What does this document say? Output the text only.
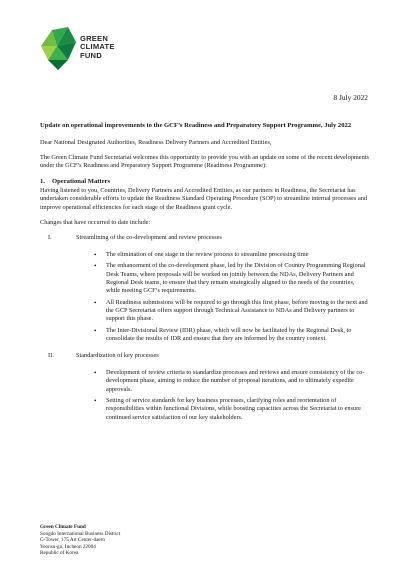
GREEN
CLIMATE
FUND
8 July 2022
Update on operational improvements to the GCF’s Readiness and Preparatory Support Programme, July 2022

Dear National Designated Authorities, Readiness Delivery Partners and Accredited Entities,

The Green Climate Fund Secretariat welcomes this opportunity to provide you with an update on some of the recent developments under the GCF’s Readiness and Preparatory Support Programme (Readiness Programme):

1. Operational Matters

Having listened to you, Countries, Delivery Partners and Accredited Entities, as our partners in Readiness, the Secretariat has undertaken considerable efforts to update the Readiness Standard Operating Procedure (SOP) to streamline internal processes and improve operational efficiencies for each stage of the Readiness grant cycle.

Changes that have occurred to date include:

I.	Streamlining of the co-development and review processes
• The elimination of one stage in the review process to streamline processing time
• The enhancement of the co-development phase, led by the Division of Country Programming Regional Desk Teams, where proposals will be worked on jointly between the NDAs, Delivery Partners and Regional Desk teams, to ensure that they remain strategically aligned to the needs of the countries, while meeting GCF’s requirements.
• All Readiness submissions will be required to go through this first phase, before moving to the next and the GCP Secretariat offers support through Technical Assistance to NDAs and Delivery partners to support this phase.
• The Inter-Divisional Review (IDR) phase, which will now be facilitated by the Regional Desk, to consolidate the results of IDR and ensure that they are informed by the country context.
II.	Standardization of key processes
• Development of review criteria to standardize processes and reviews and ensure consistency of the co-development phase, aiming to reduce the number of proposal iterations, and to ultimately expedite approvals.
• Setting of service standards for key business processes, clarifying roles and reorientation of responsibilities within functional Divisions, while boosting capacities across the Secretariat to ensure continued service satisfaction of our key stakeholders.
Green Climate Fund
Songdo International Business District
G-Tower, 175 Art Center-daero
Yeonsu-gu, Incheon 22004
Republic of Korea
